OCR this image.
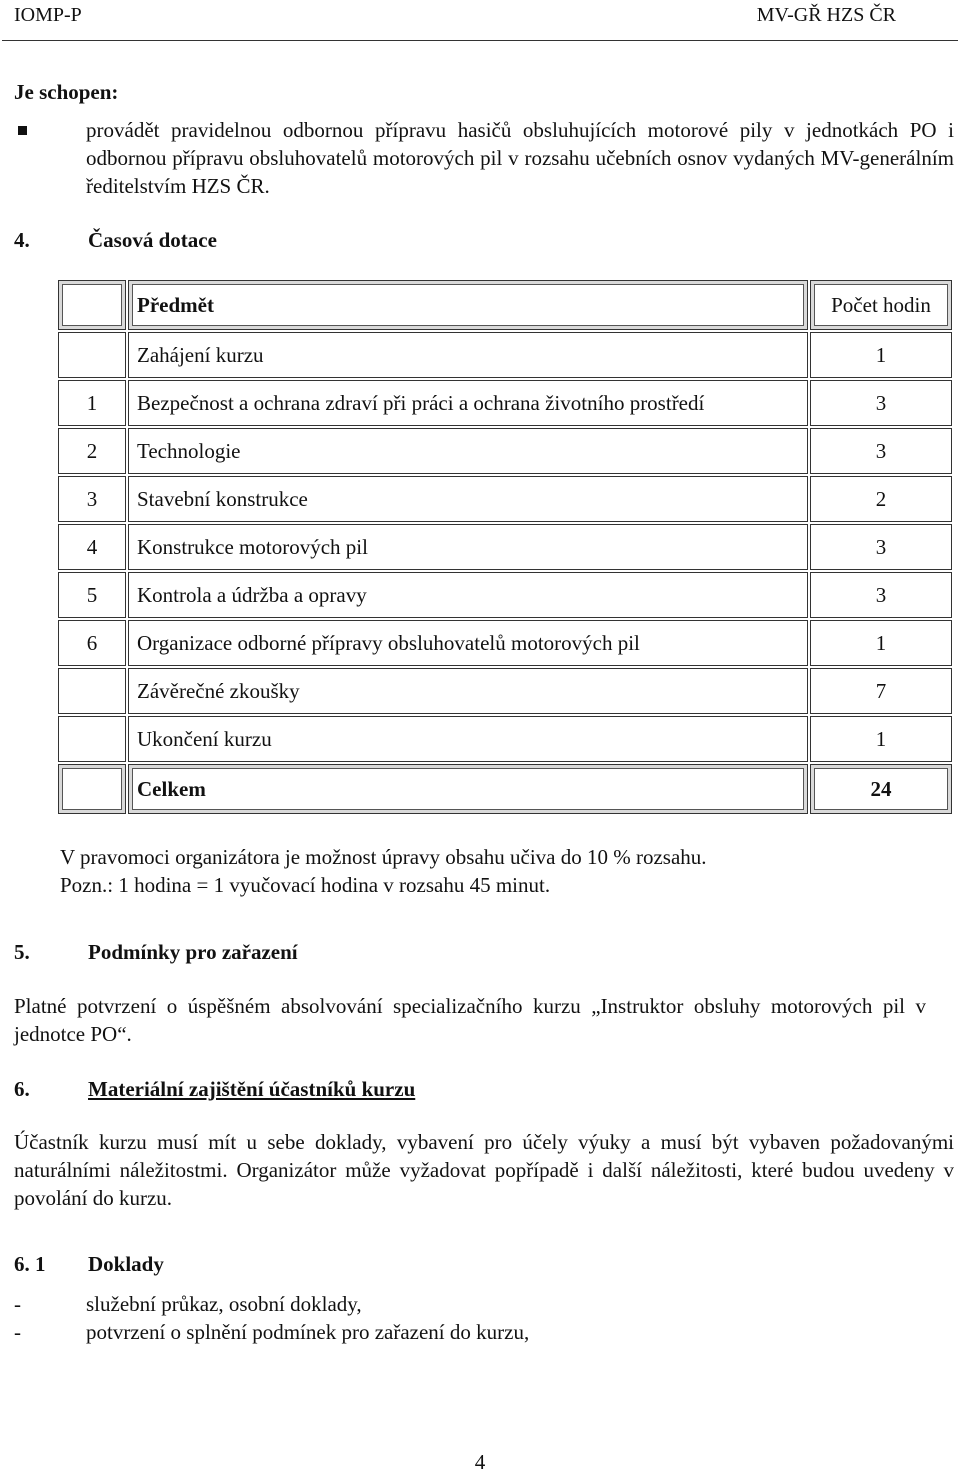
IOMP-P	MV-GŘ HZS ČR
Je schopen:
provádět pravidelnou odbornou přípravu hasičů obsluhujících motorové pily v jednotkách PO i odbornou přípravu obsluhovatelů motorových pil v rozsahu učebních osnov vydaných MV-generálním ředitelstvím HZS ČR.
4.	Časová dotace
Předmět	Počet hodin
Zahájení kurzu	1
1 Bezpečnost a ochrana zdraví při práci a ochrana životního prostředí	3
2 Technologie	3
3 Stavební konstrukce	2
4 Konstrukce motorových pil	3
5 Kontrola a údržba a opravy	3
6 Organizace odborné přípravy obsluhovatelů motorových pil	1
Závěrečné zkoušky	7
Ukončení kurzu	1
Celkem	24
V pravomoci organizátora je možnost úpravy obsahu učiva do 10 % rozsahu.
Pozn.: 1 hodina = 1 vyučovací hodina v rozsahu 45 minut.
5.	Podmínky pro zařazení
Platné potvrzení o úspěšném absolvování specializačního kurzu „Instruktor obsluhy motorových pil v jednotce PO“.
6.	Materiální zajištění účastníků kurzu
Účastník kurzu musí mít u sebe doklady, vybavení pro účely výuky a musí být vybaven požadovanými naturálními náležitostmi. Organizátor může vyžadovat popřípadě i další náležitosti, které budou uvedeny v povolání do kurzu.
6. 1 Doklady
-	služební průkaz, osobní doklady,
-	potvrzení o splnění podmínek pro zařazení do kurzu,
4
